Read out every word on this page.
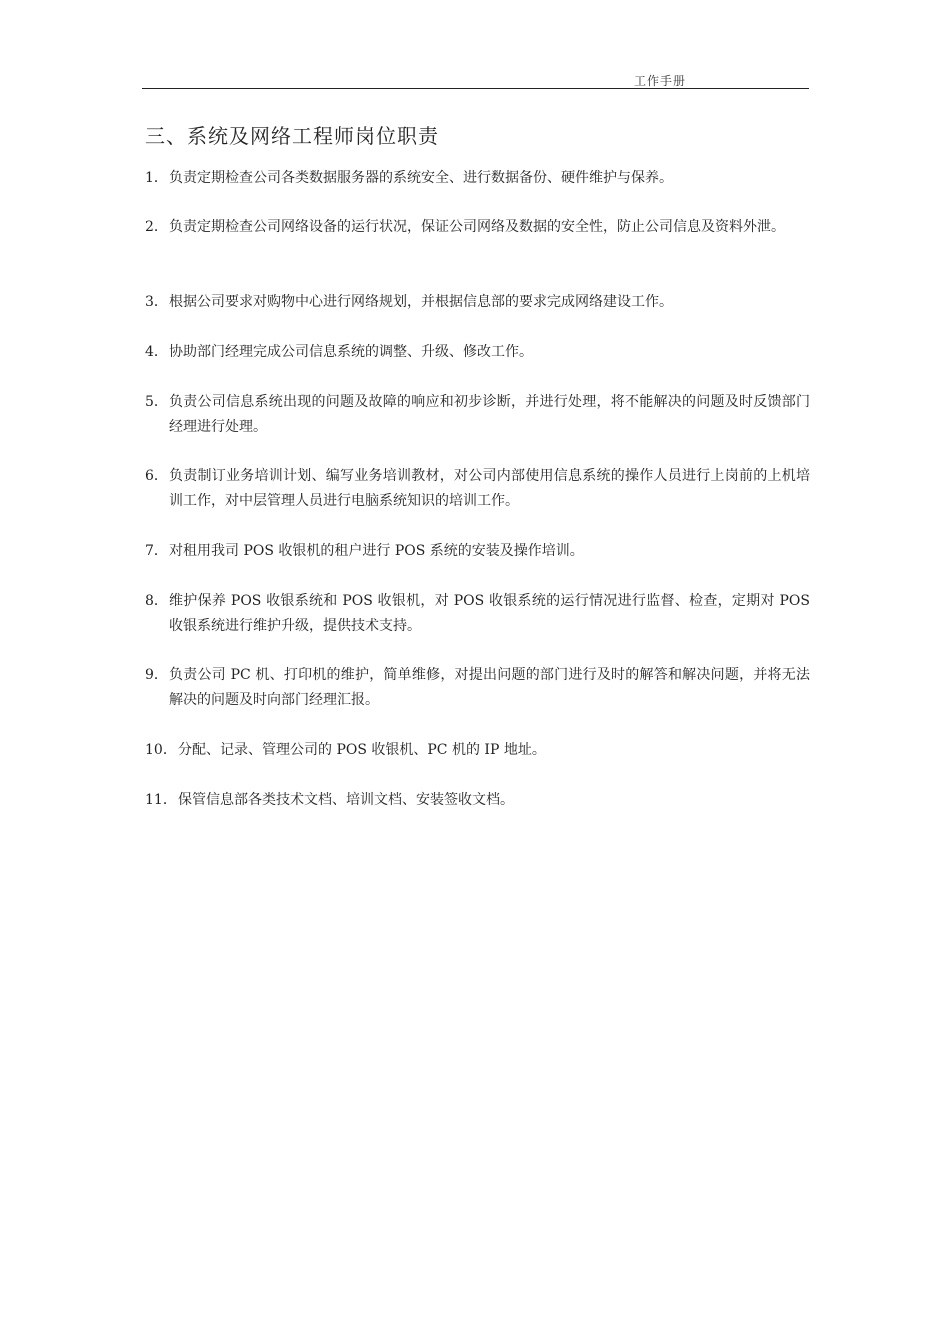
工作手册
三、系统及网络工程师岗位职责
1． 负责定期检查公司各类数据服务器的系统安全、进行数据备份、硬件维护与保养。
2． 负责定期检查公司网络设备的运行状况，保证公司网络及数据的安全性，防止公司信息及资料外泄。
3． 根据公司要求对购物中心进行网络规划，并根据信息部的要求完成网络建设工作。
4． 协助部门经理完成公司信息系统的调整、升级、修改工作。
5． 负责公司信息系统出现的问题及故障的响应和初步诊断，并进行处理，将不能解决的问题及时反馈部门经理进行处理。
6． 负责制订业务培训计划、编写业务培训教材，对公司内部使用信息系统的操作人员进行上岗前的上机培训工作，对中层管理人员进行电脑系统知识的培训工作。
7． 对租用我司 POS 收银机的租户进行 POS 系统的安装及操作培训。
8． 维护保养 POS 收银系统和 POS 收银机，对 POS 收银系统的运行情况进行监督、检查，定期对 POS 收银系统进行维护升级，提供技术支持。
9． 负责公司 PC 机、打印机的维护，简单维修，对提出问题的部门进行及时的解答和解决问题，并将无法解决的问题及时向部门经理汇报。
10． 分配、记录、管理公司的 POS 收银机、PC 机的 IP 地址。
11． 保管信息部各类技术文档、培训文档、安装签收文档。
